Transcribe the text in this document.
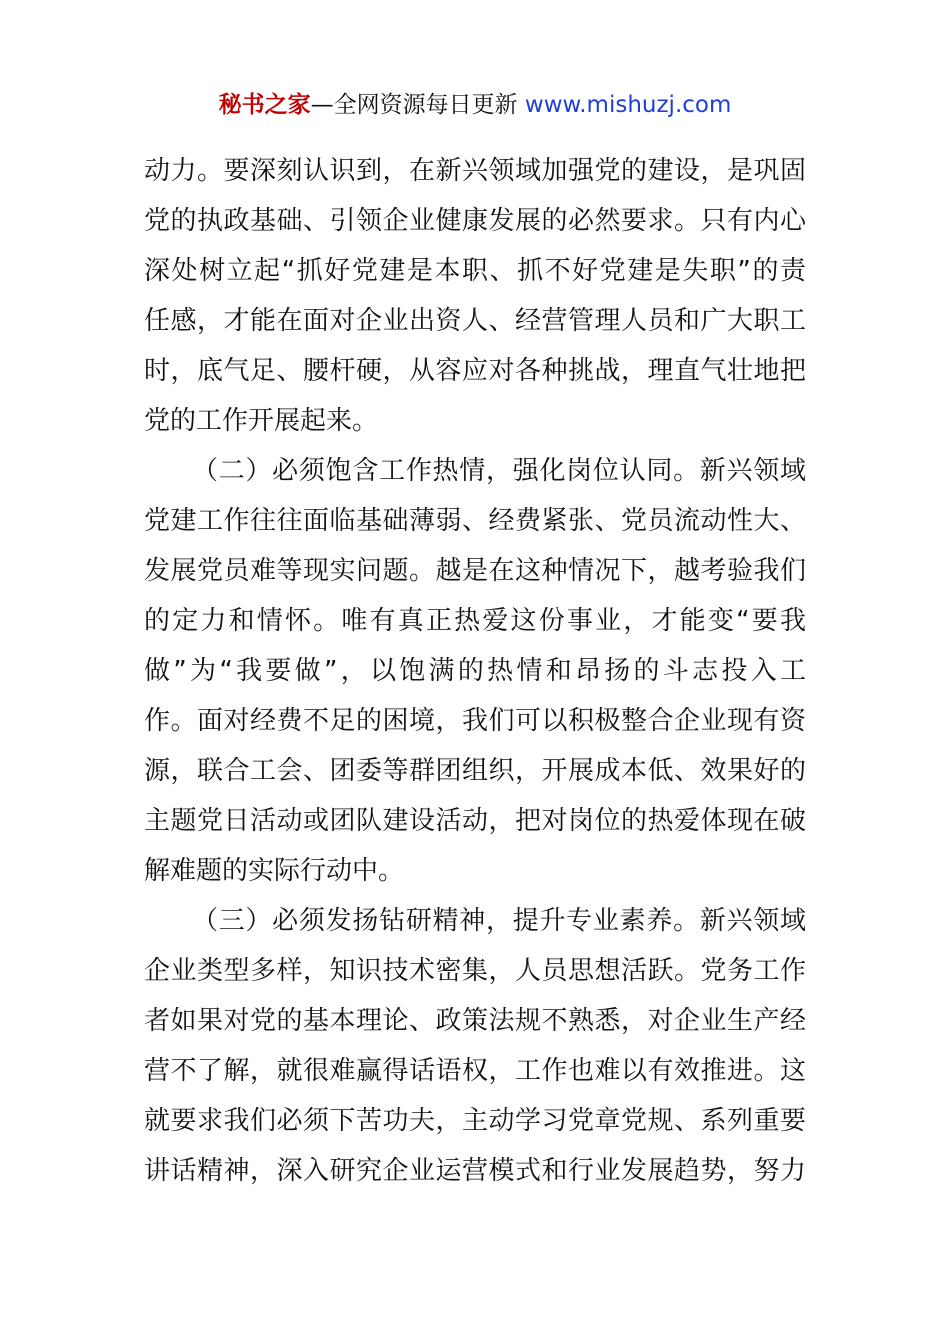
秘书之家—全网资源每日更新 www.mishuzj.com
动力。要深刻认识到，在新兴领域加强党的建设，是巩固
党的执政基础、引领企业健康发展的必然要求。只有内心
深处树立起“抓好党建是本职、抓不好党建是失职”的责
任感，才能在面对企业出资人、经营管理人员和广大职工
时，底气足、腰杆硬，从容应对各种挑战，理直气壮地把
党的工作开展起来。
（二）必须饱含工作热情，强化岗位认同。新兴领域
党建工作往往面临基础薄弱、经费紧张、党员流动性大、
发展党员难等现实问题。越是在这种情况下，越考验我们
的定力和情怀。唯有真正热爱这份事业，才能变“要我
做”为“我要做”，以饱满的热情和昂扬的斗志投入工
作。面对经费不足的困境，我们可以积极整合企业现有资
源，联合工会、团委等群团组织，开展成本低、效果好的
主题党日活动或团队建设活动，把对岗位的热爱体现在破
解难题的实际行动中。
（三）必须发扬钻研精神，提升专业素养。新兴领域
企业类型多样，知识技术密集，人员思想活跃。党务工作
者如果对党的基本理论、政策法规不熟悉，对企业生产经
营不了解，就很难赢得话语权，工作也难以有效推进。这
就要求我们必须下苦功夫，主动学习党章党规、系列重要
讲话精神，深入研究企业运营模式和行业发展趋势，努力
